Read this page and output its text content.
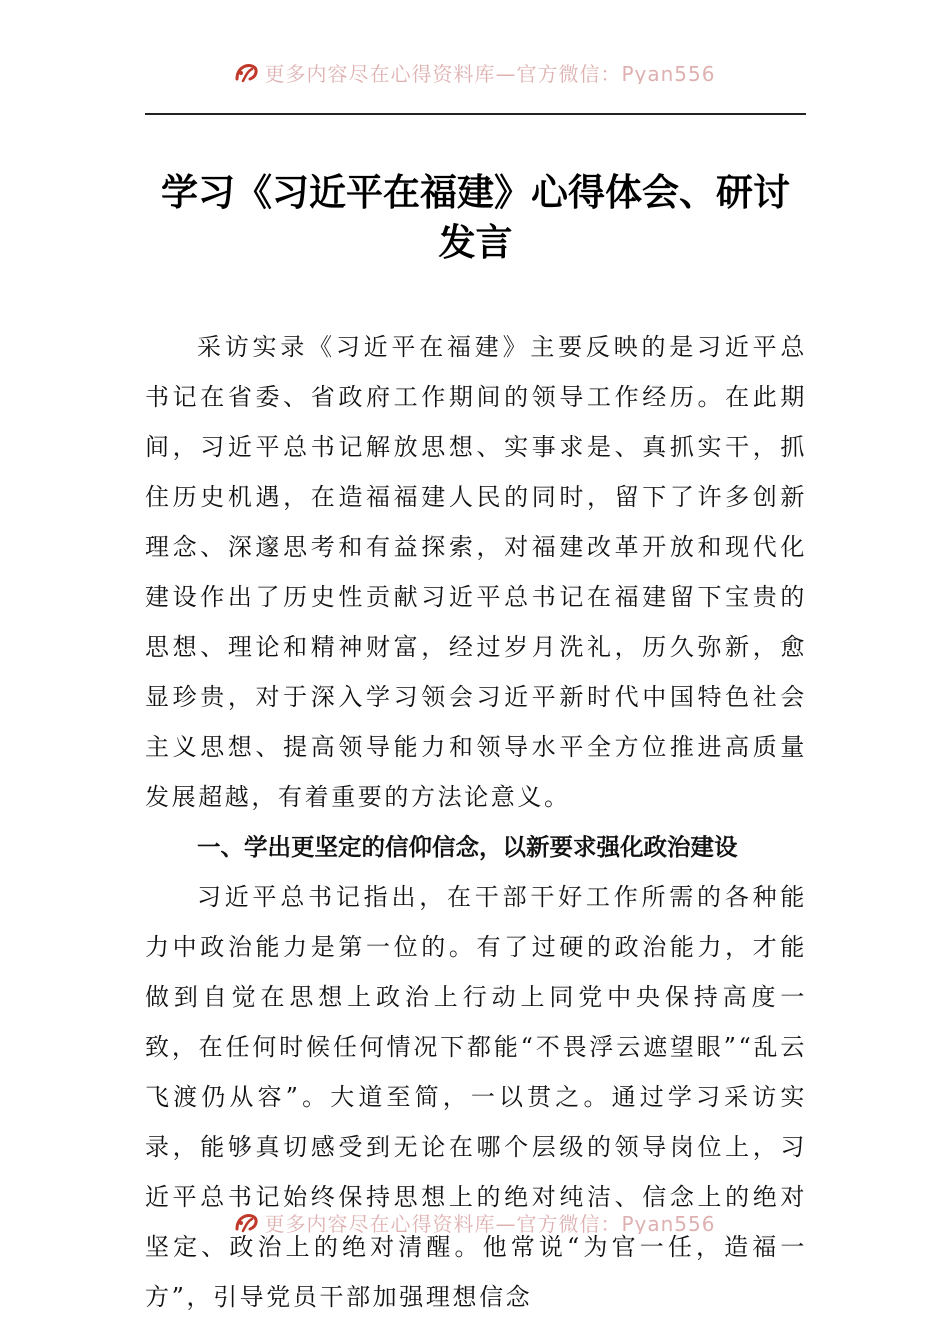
更多内容尽在心得资料库—官方微信：Pyan556
学习《习近平在福建》心得体会、研讨发言

采访实录《习近平在福建》主要反映的是习近平总书记在省委、省政府工作期间的领导工作经历。在此期间，习近平总书记解放思想、实事求是、真抓实干，抓住历史机遇，在造福福建人民的同时，留下了许多创新理念、深邃思考和有益探索，对福建改革开放和现代化建设作出了历史性贡献习近平总书记在福建留下宝贵的思想、理论和精神财富，经过岁月洗礼，历久弥新，愈显珍贵，对于深入学习领会习近平新时代中国特色社会主义思想、提高领导能力和领导水平全方位推进高质量发展超越，有着重要的方法论意义。

一、学出更坚定的信仰信念，以新要求强化政治建设

习近平总书记指出，在干部干好工作所需的各种能力中政治能力是第一位的。有了过硬的政治能力，才能做到自觉在思想上政治上行动上同党中央保持高度一致，在任何时候任何情况下都能“不畏浮云遮望眼”“乱云飞渡仍从容”。大道至简，一以贯之。通过学习采访实录，能够真切感受到无论在哪个层级的领导岗位上，习近平总书记始终保持思想上的绝对纯洁、信念上的绝对坚定、政治上的绝对清醒。他常说“为官一任，造福一方”，引导党员干部加强理想信念

更多内容尽在心得资料库—官方微信：Pyan556
